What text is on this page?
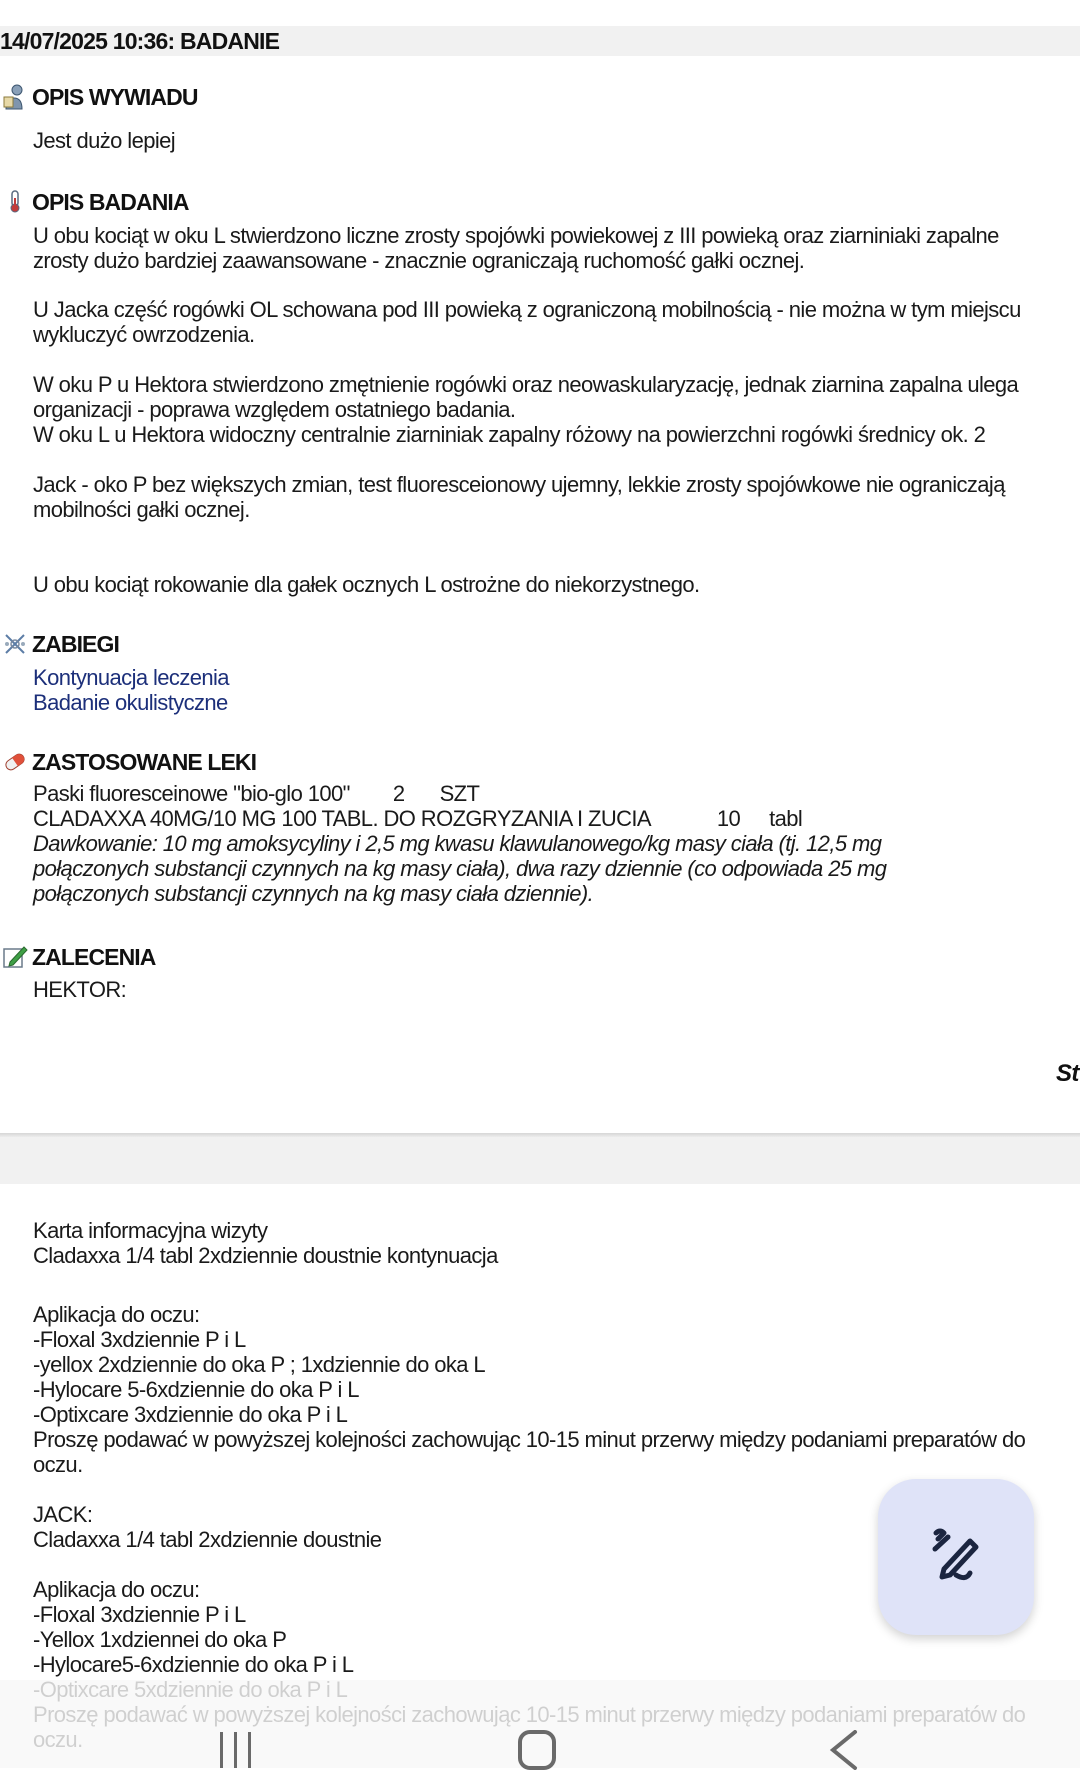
14/07/2025 10:36: BADANIE
OPIS WYWIADU
Jest dużo lepiej
OPIS BADANIA
U obu kociąt w oku L stwierdzono liczne zrosty spojówki powiekowej z III powieką oraz ziarniniaki zapalne
zrosty dużo bardziej zaawansowane - znacznie ograniczają ruchomość gałki ocznej.
U Jacka część rogówki OL schowana pod III powieką z ograniczoną mobilnością - nie można w tym miejscu
wykluczyć owrzodzenia.
W oku P u Hektora stwierdzono zmętnienie rogówki oraz neowaskularyzację, jednak ziarnina zapalna ulega
organizacji - poprawa względem ostatniego badania.
W oku L u Hektora widoczny centralnie ziarniniak zapalny różowy na powierzchni rogówki średnicy ok. 2
Jack - oko P bez większych zmian, test fluoresceionowy ujemny, lekkie zrosty spojówkowe nie ograniczają
mobilności gałki ocznej.
U obu kociąt rokowanie dla gałek ocznych L ostrożne do niekorzystnego.
ZABIEGI
Kontynuacja leczenia
Badanie okulistyczne
ZASTOSOWANE LEKI
Paski fluoresceinowe "bio-glo 100" 2 SZT
CLADAXXA 40MG/10 MG 100 TABL. DO ROZGRYZANIA I ZUCIA	10 tabl
Dawkowanie: 10 mg amoksycyliny i 2,5 mg kwasu klawulanowego/kg masy ciała (tj. 12,5 mg
połączonych substancji czynnych na kg masy ciała), dwa razy dziennie (co odpowiada 25 mg
połączonych substancji czynnych na kg masy ciała dziennie).
ZALECENIA
HEKTOR:
St
Karta informacyjna wizyty
Cladaxxa 1/4 tabl 2xdziennie doustnie kontynuacja
Aplikacja do oczu:
-Floxal 3xdziennie P i L
-yellox 2xdziennie do oka P ; 1xdziennie do oka L
-Hylocare 5-6xdziennie do oka P i L
-Optixcare 3xdziennie do oka P i L
Proszę podawać w powyższej kolejności zachowując 10-15 minut przerwy między podaniami preparatów do
oczu.
JACK:
Cladaxxa 1/4 tabl 2xdziennie doustnie
Aplikacja do oczu:
-Floxal 3xdziennie P i L
-Yellox 1xdziennei do oka P
-Hylocare5-6xdziennie do oka P i L
